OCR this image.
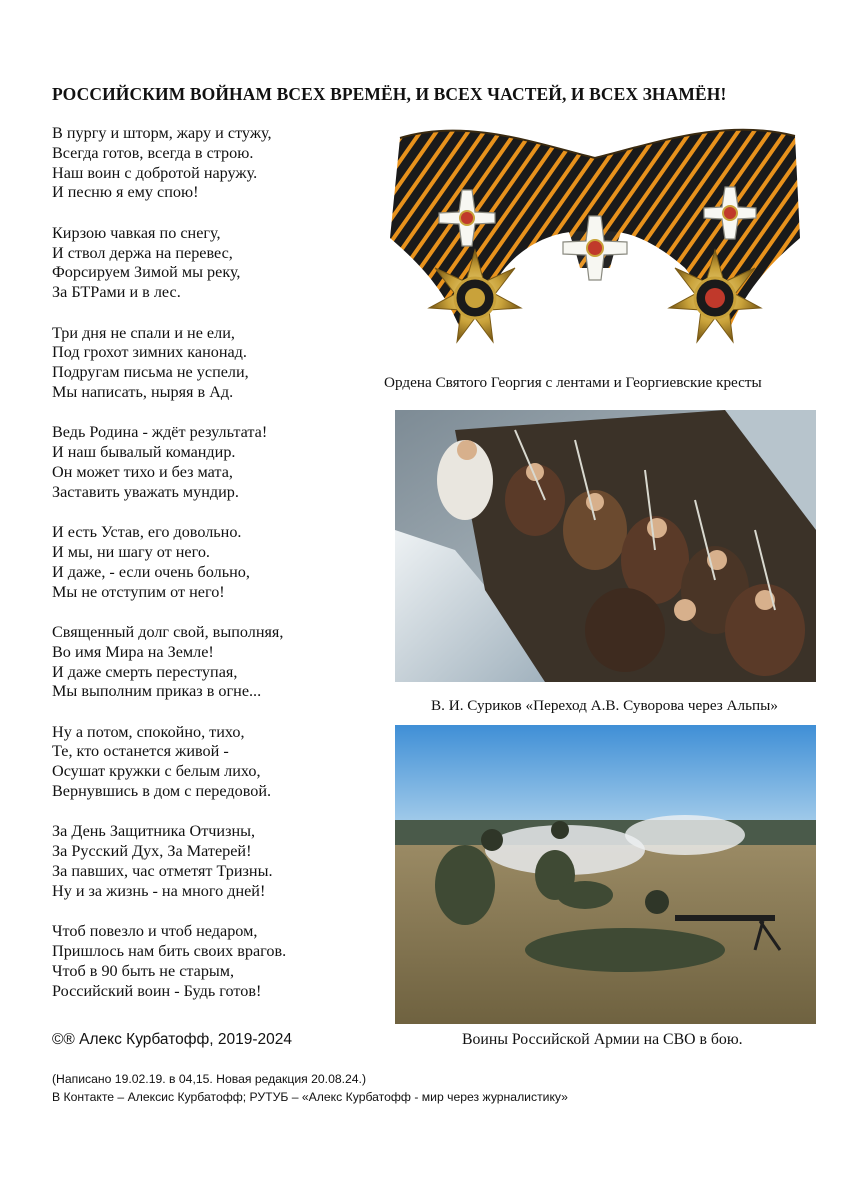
РОССИЙСКИМ ВОЙНАМ ВСЕХ ВРЕМЁН, И ВСЕХ ЧАСТЕЙ, И ВСЕХ ЗНАМЁН!
В пургу и шторм, жару и стужу,
Всегда готов, всегда в строю.
Наш воин с добротой наружу.
И песню я ему спою!
Кирзою чавкая по снегу,
И ствол держа на перевес,
Форсируем Зимой мы реку,
За БТРами и в лес.
Три дня не спали и не ели,
Под грохот зимних канонад.
Подругам письма не успели,
Мы написать, ныряя в Ад.
Ведь Родина - ждёт результата!
И наш бывалый командир.
Он может тихо и без мата,
Заставить уважать мундир.
И есть Устав, его довольно.
И мы, ни шагу от него.
И даже, - если очень больно,
Мы не отступим от него!
Священный долг свой, выполняя,
Во имя Мира на Земле!
И даже смерть переступая,
Мы выполним приказ в огне...
Ну а потом, спокойно, тихо,
Те, кто останется живой -
Осушат кружки с белым лихо,
Вернувшись в дом с передовой.
За День Защитника Отчизны,
За Русский Дух, За Матерей!
За павших, час отметят Тризны.
Ну и за жизнь - на много дней!
Чтоб повезло и чтоб недаром,
Пришлось нам бить своих врагов.
Чтоб в 90 быть не старым,
Российский воин - Будь готов!
Ордена Святого Георгия с лентами и Георгиевские кресты
В. И. Суриков «Переход А.В. Суворова через Альпы»
Воины Российской Армии на СВО в бою.
©® Алекс Курбатофф, 2019-2024
(Написано 19.02.19. в 04,15. Новая редакция 20.08.24.)
В Контакте – Алексис Курбатофф; РУТУБ – «Алекс Курбатофф - мир через журналистику»
